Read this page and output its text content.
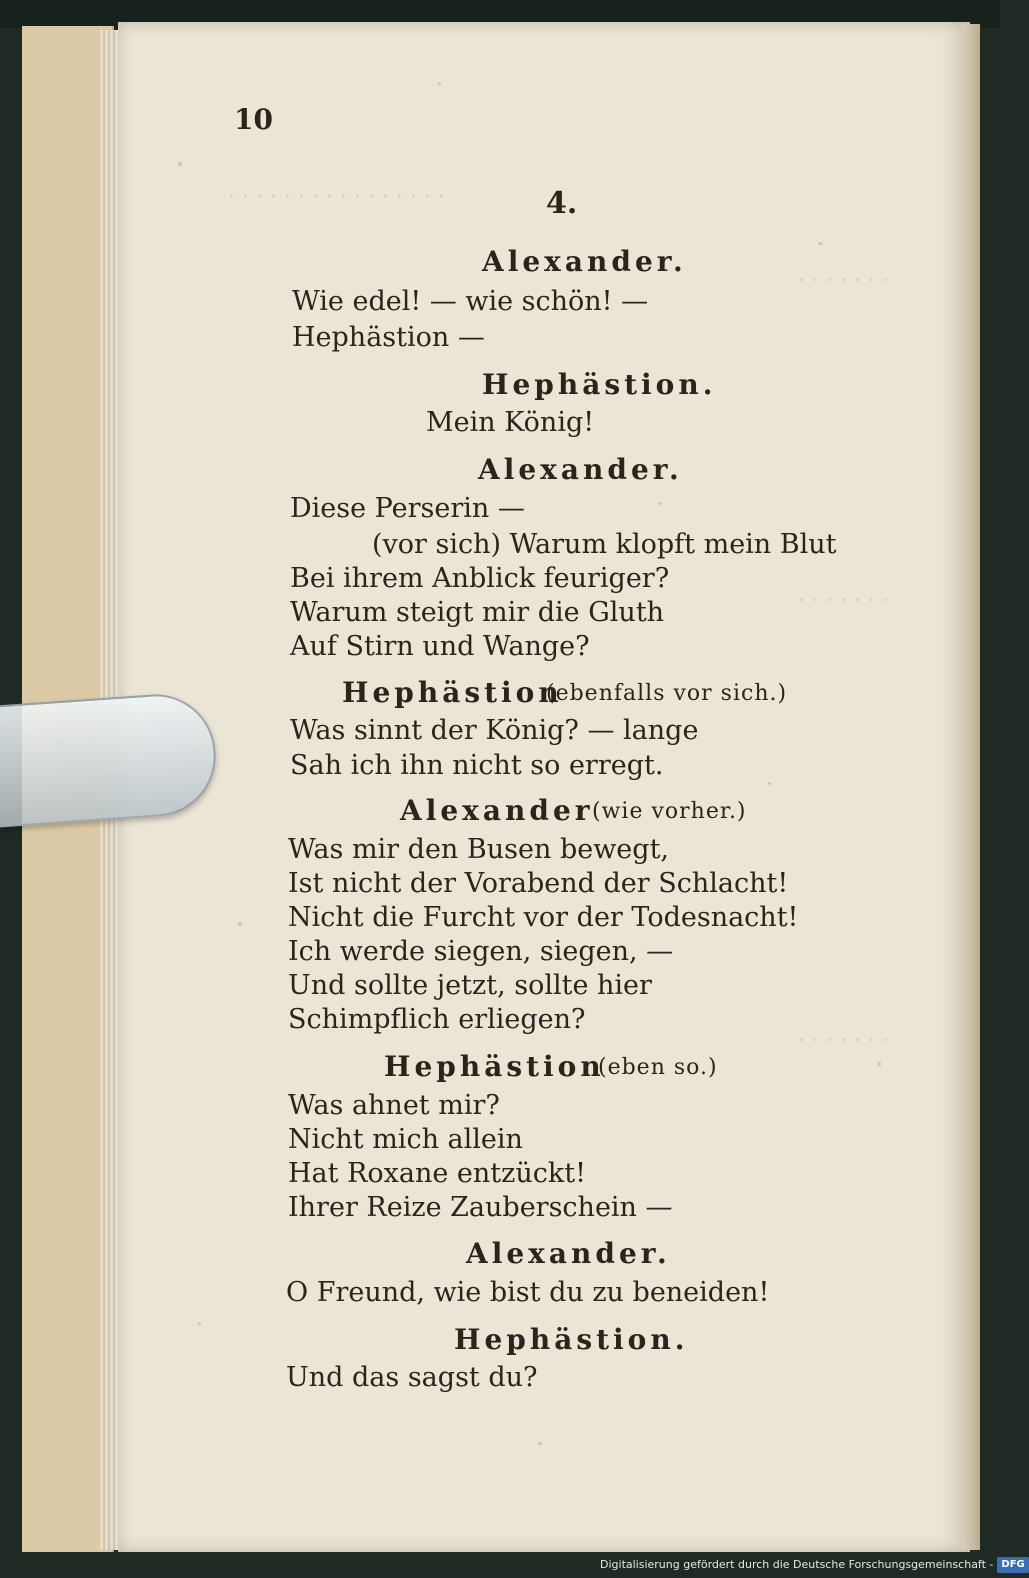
. . . . . . . . . . . . . . . .
. . . . . . .
. . . . . . .
. . . . . . .
10
4.
Alexander.
Wie edel! — wie schön! —
Hephästion —
Hephästion.
Mein König!
Alexander.
Diese Perserin —
(vor sich) Warum klopft mein Blut
Bei ihrem Anblick feuriger?
Warum steigt mir die Gluth
Auf Stirn und Wange?
Hephästion
(ebenfalls vor sich.)
Was sinnt der König? — lange
Sah ich ihn nicht so erregt.
Alexander
(wie vorher.)
Was mir den Busen bewegt,
Ist nicht der Vorabend der Schlacht!
Nicht die Furcht vor der Todesnacht!
Ich werde siegen, siegen, —
Und sollte jetzt, sollte hier
Schimpflich erliegen?
Hephästion
(eben so.)
Was ahnet mir?
Nicht mich allein
Hat Roxane entzückt!
Ihrer Reize Zauberschein —
Alexander.
O Freund, wie bist du zu beneiden!
Hephästion.
Und das sagst du?
Digitalisierung gefördert durch die Deutsche Forschungsgemeinschaft - DFG
